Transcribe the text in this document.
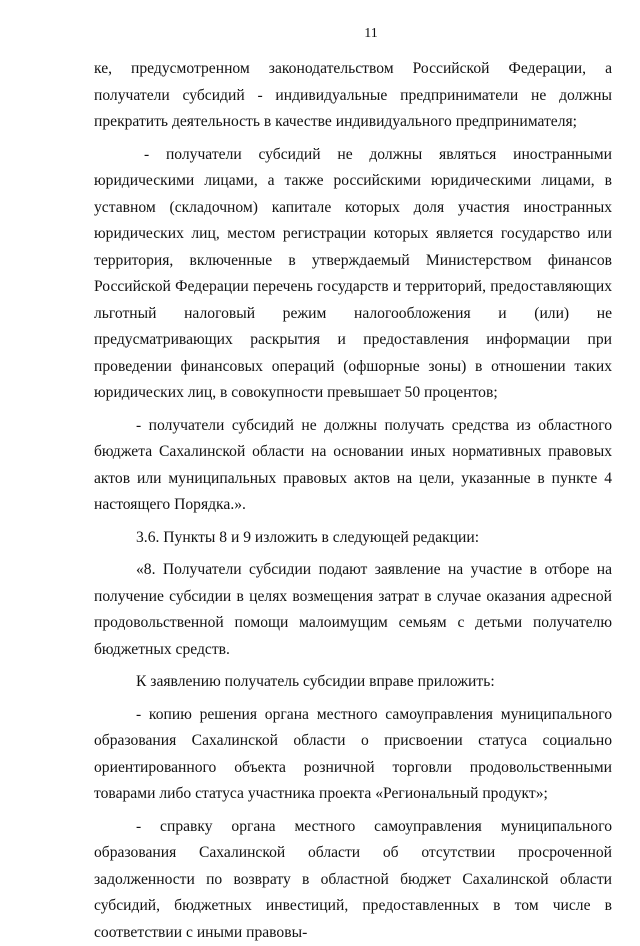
11

ке, предусмотренном законодательством Российской Федерации, а получатели субсидий - индивидуальные предприниматели не должны прекратить деятельность в качестве индивидуального предпринимателя;

- получатели субсидий не должны являться иностранными юридическими лицами, а также российскими юридическими лицами, в уставном (складочном) капитале которых доля участия иностранных юридических лиц, местом регистрации которых является государство или территория, включенные в утверждаемый Министерством финансов Российской Федерации перечень государств и территорий, предоставляющих льготный налоговый режим налогообложения и (или) не предусматривающих раскрытия и предоставления информации при проведении финансовых операций (офшорные зоны) в отношении таких юридических лиц, в совокупности превышает 50 процентов;

- получатели субсидий не должны получать средства из областного бюджета Сахалинской области на основании иных нормативных правовых актов или муниципальных правовых актов на цели, указанные в пункте 4 настоящего Порядка.».

3.6. Пункты 8 и 9 изложить в следующей редакции:

«8. Получатели субсидии подают заявление на участие в отборе на получение субсидии в целях возмещения затрат в случае оказания адресной продовольственной помощи малоимущим семьям с детьми получателю бюджетных средств.

К заявлению получатель субсидии вправе приложить:

- копию решения органа местного самоуправления муниципального образования Сахалинской области о присвоении статуса социально ориентированного объекта розничной торговли продовольственными товарами либо статуса участника проекта «Региональный продукт»;

- справку органа местного самоуправления муниципального образования Сахалинской области об отсутствии просроченной задолженности по возврату в областной бюджет Сахалинской области субсидий, бюджетных инвестиций, предоставленных в том числе в соответствии с иными правовы-
